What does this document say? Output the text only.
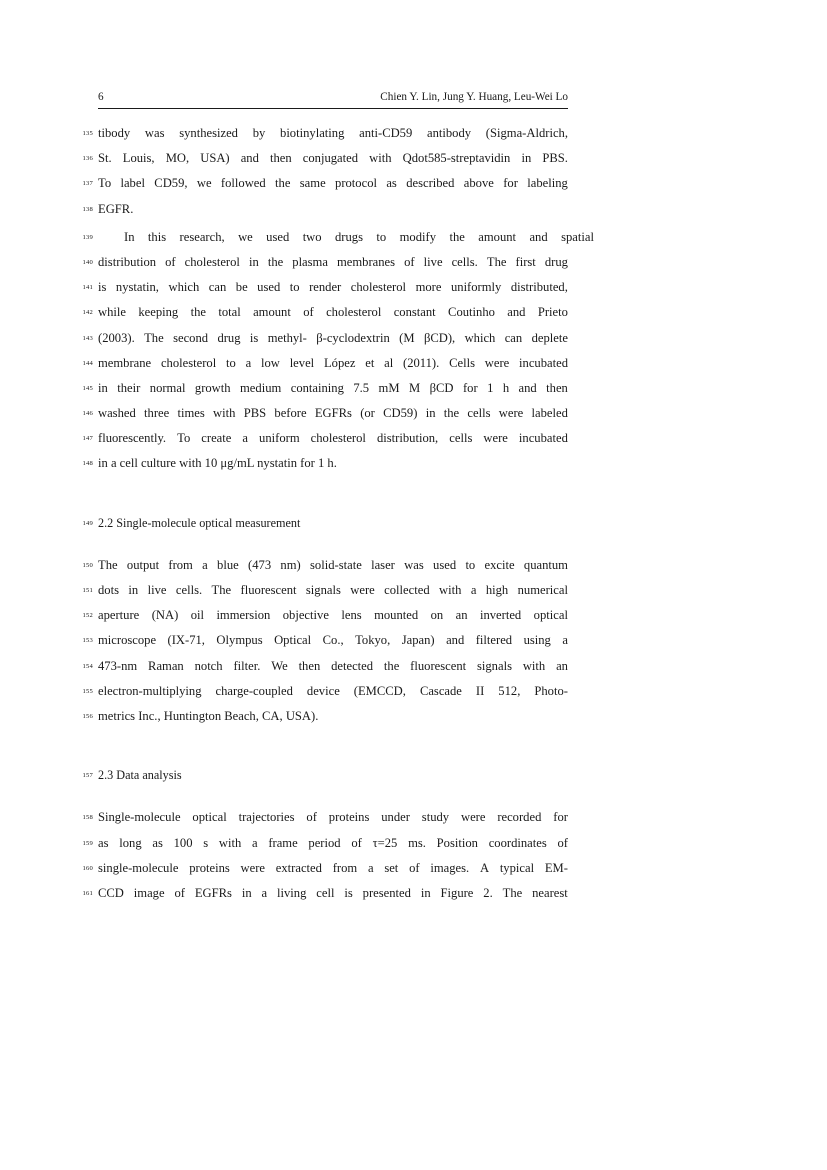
6	Chien Y. Lin, Jung Y. Huang, Leu-Wei Lo
135 tibody was synthesized by biotinylating anti-CD59 antibody (Sigma-Aldrich,
136 St. Louis, MO, USA) and then conjugated with Qdot585-streptavidin in PBS.
137 To label CD59, we followed the same protocol as described above for labeling
138 EGFR.
139 In this research, we used two drugs to modify the amount and spatial
140 distribution of cholesterol in the plasma membranes of live cells. The first drug
141 is nystatin, which can be used to render cholesterol more uniformly distributed,
142 while keeping the total amount of cholesterol constant Coutinho and Prieto
143 (2003). The second drug is methyl- β-cyclodextrin (M βCD), which can deplete
144 membrane cholesterol to a low level López et al (2011). Cells were incubated
145 in their normal growth medium containing 7.5 mM M βCD for 1 h and then
146 washed three times with PBS before EGFRs (or CD59) in the cells were labeled
147 fluorescently. To create a uniform cholesterol distribution, cells were incubated
148 in a cell culture with 10 μg/mL nystatin for 1 h.
149 2.2 Single-molecule optical measurement
150 The output from a blue (473 nm) solid-state laser was used to excite quantum
151 dots in live cells. The fluorescent signals were collected with a high numerical
152 aperture (NA) oil immersion objective lens mounted on an inverted optical
153 microscope (IX-71, Olympus Optical Co., Tokyo, Japan) and filtered using a
154 473-nm Raman notch filter. We then detected the fluorescent signals with an
155 electron-multiplying charge-coupled device (EMCCD, Cascade II 512, Photo-
156 metrics Inc., Huntington Beach, CA, USA).
157 2.3 Data analysis
158 Single-molecule optical trajectories of proteins under study were recorded for
159 as long as 100 s with a frame period of τ=25 ms. Position coordinates of
160 single-molecule proteins were extracted from a set of images. A typical EM-
161 CCD image of EGFRs in a living cell is presented in Figure 2. The nearest
